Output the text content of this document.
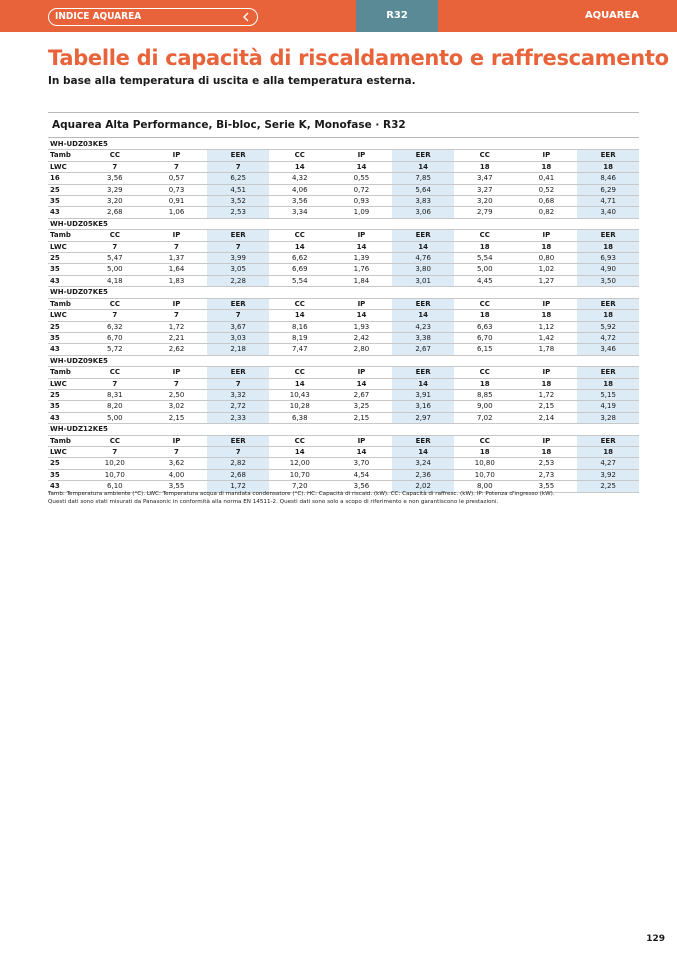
INDICE AQUAREA	R32	AQUAREA
Tabelle di capacità di riscaldamento e raffrescamento
In base alla temperatura di uscita e alla temperatura esterna.
Aquarea Alta Performance, Bi-bloc, Serie K, Monofase · R32
WH-UDZ03KE5									
Tamb	CC	IP	EER	CC	IP	EER	CC	IP	EER
LWC	7	7	7	14	14	14	18	18	18
16	3,56	0,57	6,25	4,32	0,55	7,85	3,47	0,41	8,46
25	3,29	0,73	4,51	4,06	0,72	5,64	3,27	0,52	6,29
35	3,20	0,91	3,52	3,56	0,93	3,83	3,20	0,68	4,71
43	2,68	1,06	2,53	3,34	1,09	3,06	2,79	0,82	3,40
WH-UDZ05KE5									
Tamb	CC	IP	EER	CC	IP	EER	CC	IP	EER
LWC	7	7	7	14	14	14	18	18	18
25	5,47	1,37	3,99	6,62	1,39	4,76	5,54	0,80	6,93
35	5,00	1,64	3,05	6,69	1,76	3,80	5,00	1,02	4,90
43	4,18	1,83	2,28	5,54	1,84	3,01	4,45	1,27	3,50
WH-UDZ07KE5									
Tamb	CC	IP	EER	CC	IP	EER	CC	IP	EER
LWC	7	7	7	14	14	14	18	18	18
25	6,32	1,72	3,67	8,16	1,93	4,23	6,63	1,12	5,92
35	6,70	2,21	3,03	8,19	2,42	3,38	6,70	1,42	4,72
43	5,72	2,62	2,18	7,47	2,80	2,67	6,15	1,78	3,46
WH-UDZ09KE5									
Tamb	CC	IP	EER	CC	IP	EER	CC	IP	EER
LWC	7	7	7	14	14	14	18	18	18
25	8,31	2,50	3,32	10,43	2,67	3,91	8,85	1,72	5,15
35	8,20	3,02	2,72	10,28	3,25	3,16	9,00	2,15	4,19
43	5,00	2,15	2,33	6,38	2,15	2,97	7,02	2,14	3,28
WH-UDZ12KE5									
Tamb	CC	IP	EER	CC	IP	EER	CC	IP	EER
LWC	7	7	7	14	14	14	18	18	18
25	10,20	3,62	2,82	12,00	3,70	3,24	10,80	2,53	4,27
35	10,70	4,00	2,68	10,70	4,54	2,36	10,70	2,73	3,92
43	6,10	3,55	1,72	7,20	3,56	2,02	8,00	3,55	2,25
Tamb: Temperatura ambiente (°C). LWC: Temperatura acqua di mandata condensatore (°C). HC: Capacità di riscald. (kW). CC: Capacità di raffresc. (kW). IP: Potenza d'ingresso (kW).
Questi dati sono stati misurati da Panasonic in conformità alla norma EN 14511-2. Questi dati sono solo a scopo di riferimento e non garantiscono le prestazioni.
129
